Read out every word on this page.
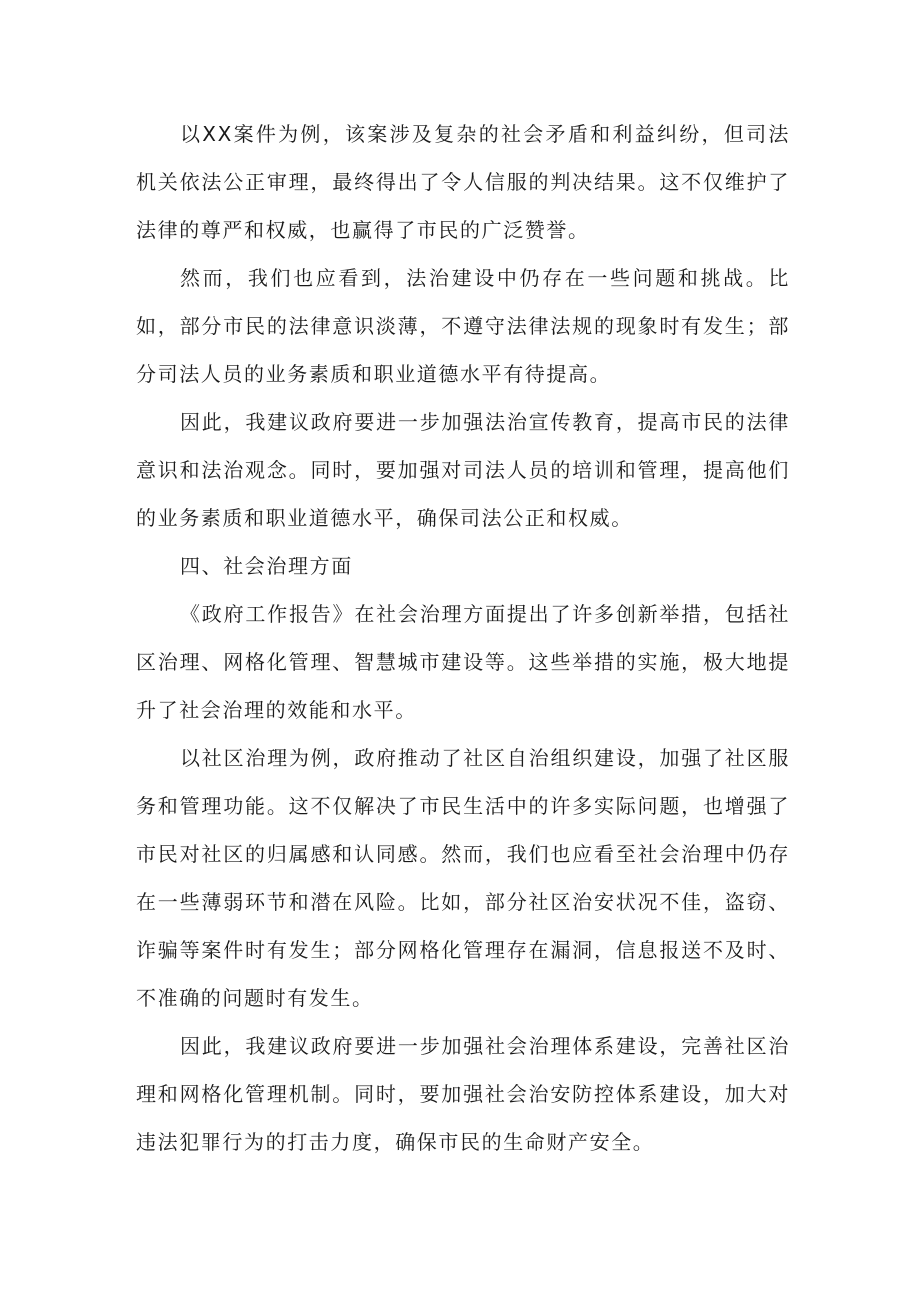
以XX案件为例，该案涉及复杂的社会矛盾和利益纠纷，但司法机关依法公正审理，最终得出了令人信服的判决结果。这不仅维护了法律的尊严和权威，也赢得了市民的广泛赞誉。

然而，我们也应看到，法治建设中仍存在一些问题和挑战。比如，部分市民的法律意识淡薄，不遵守法律法规的现象时有发生；部分司法人员的业务素质和职业道德水平有待提高。

因此，我建议政府要进一步加强法治宣传教育，提高市民的法律意识和法治观念。同时，要加强对司法人员的培训和管理，提高他们的业务素质和职业道德水平，确保司法公正和权威。

四、社会治理方面

《政府工作报告》在社会治理方面提出了许多创新举措，包括社区治理、网格化管理、智慧城市建设等。这些举措的实施，极大地提升了社会治理的效能和水平。

以社区治理为例，政府推动了社区自治组织建设，加强了社区服务和管理功能。这不仅解决了市民生活中的许多实际问题，也增强了市民对社区的归属感和认同感。然而，我们也应看至社会治理中仍存在一些薄弱环节和潜在风险。比如，部分社区治安状况不佳，盗窃、诈骗等案件时有发生；部分网格化管理存在漏洞，信息报送不及时、不准确的问题时有发生。

因此，我建议政府要进一步加强社会治理体系建设，完善社区治理和网格化管理机制。同时，要加强社会治安防控体系建设，加大对违法犯罪行为的打击力度，确保市民的生命财产安全。
